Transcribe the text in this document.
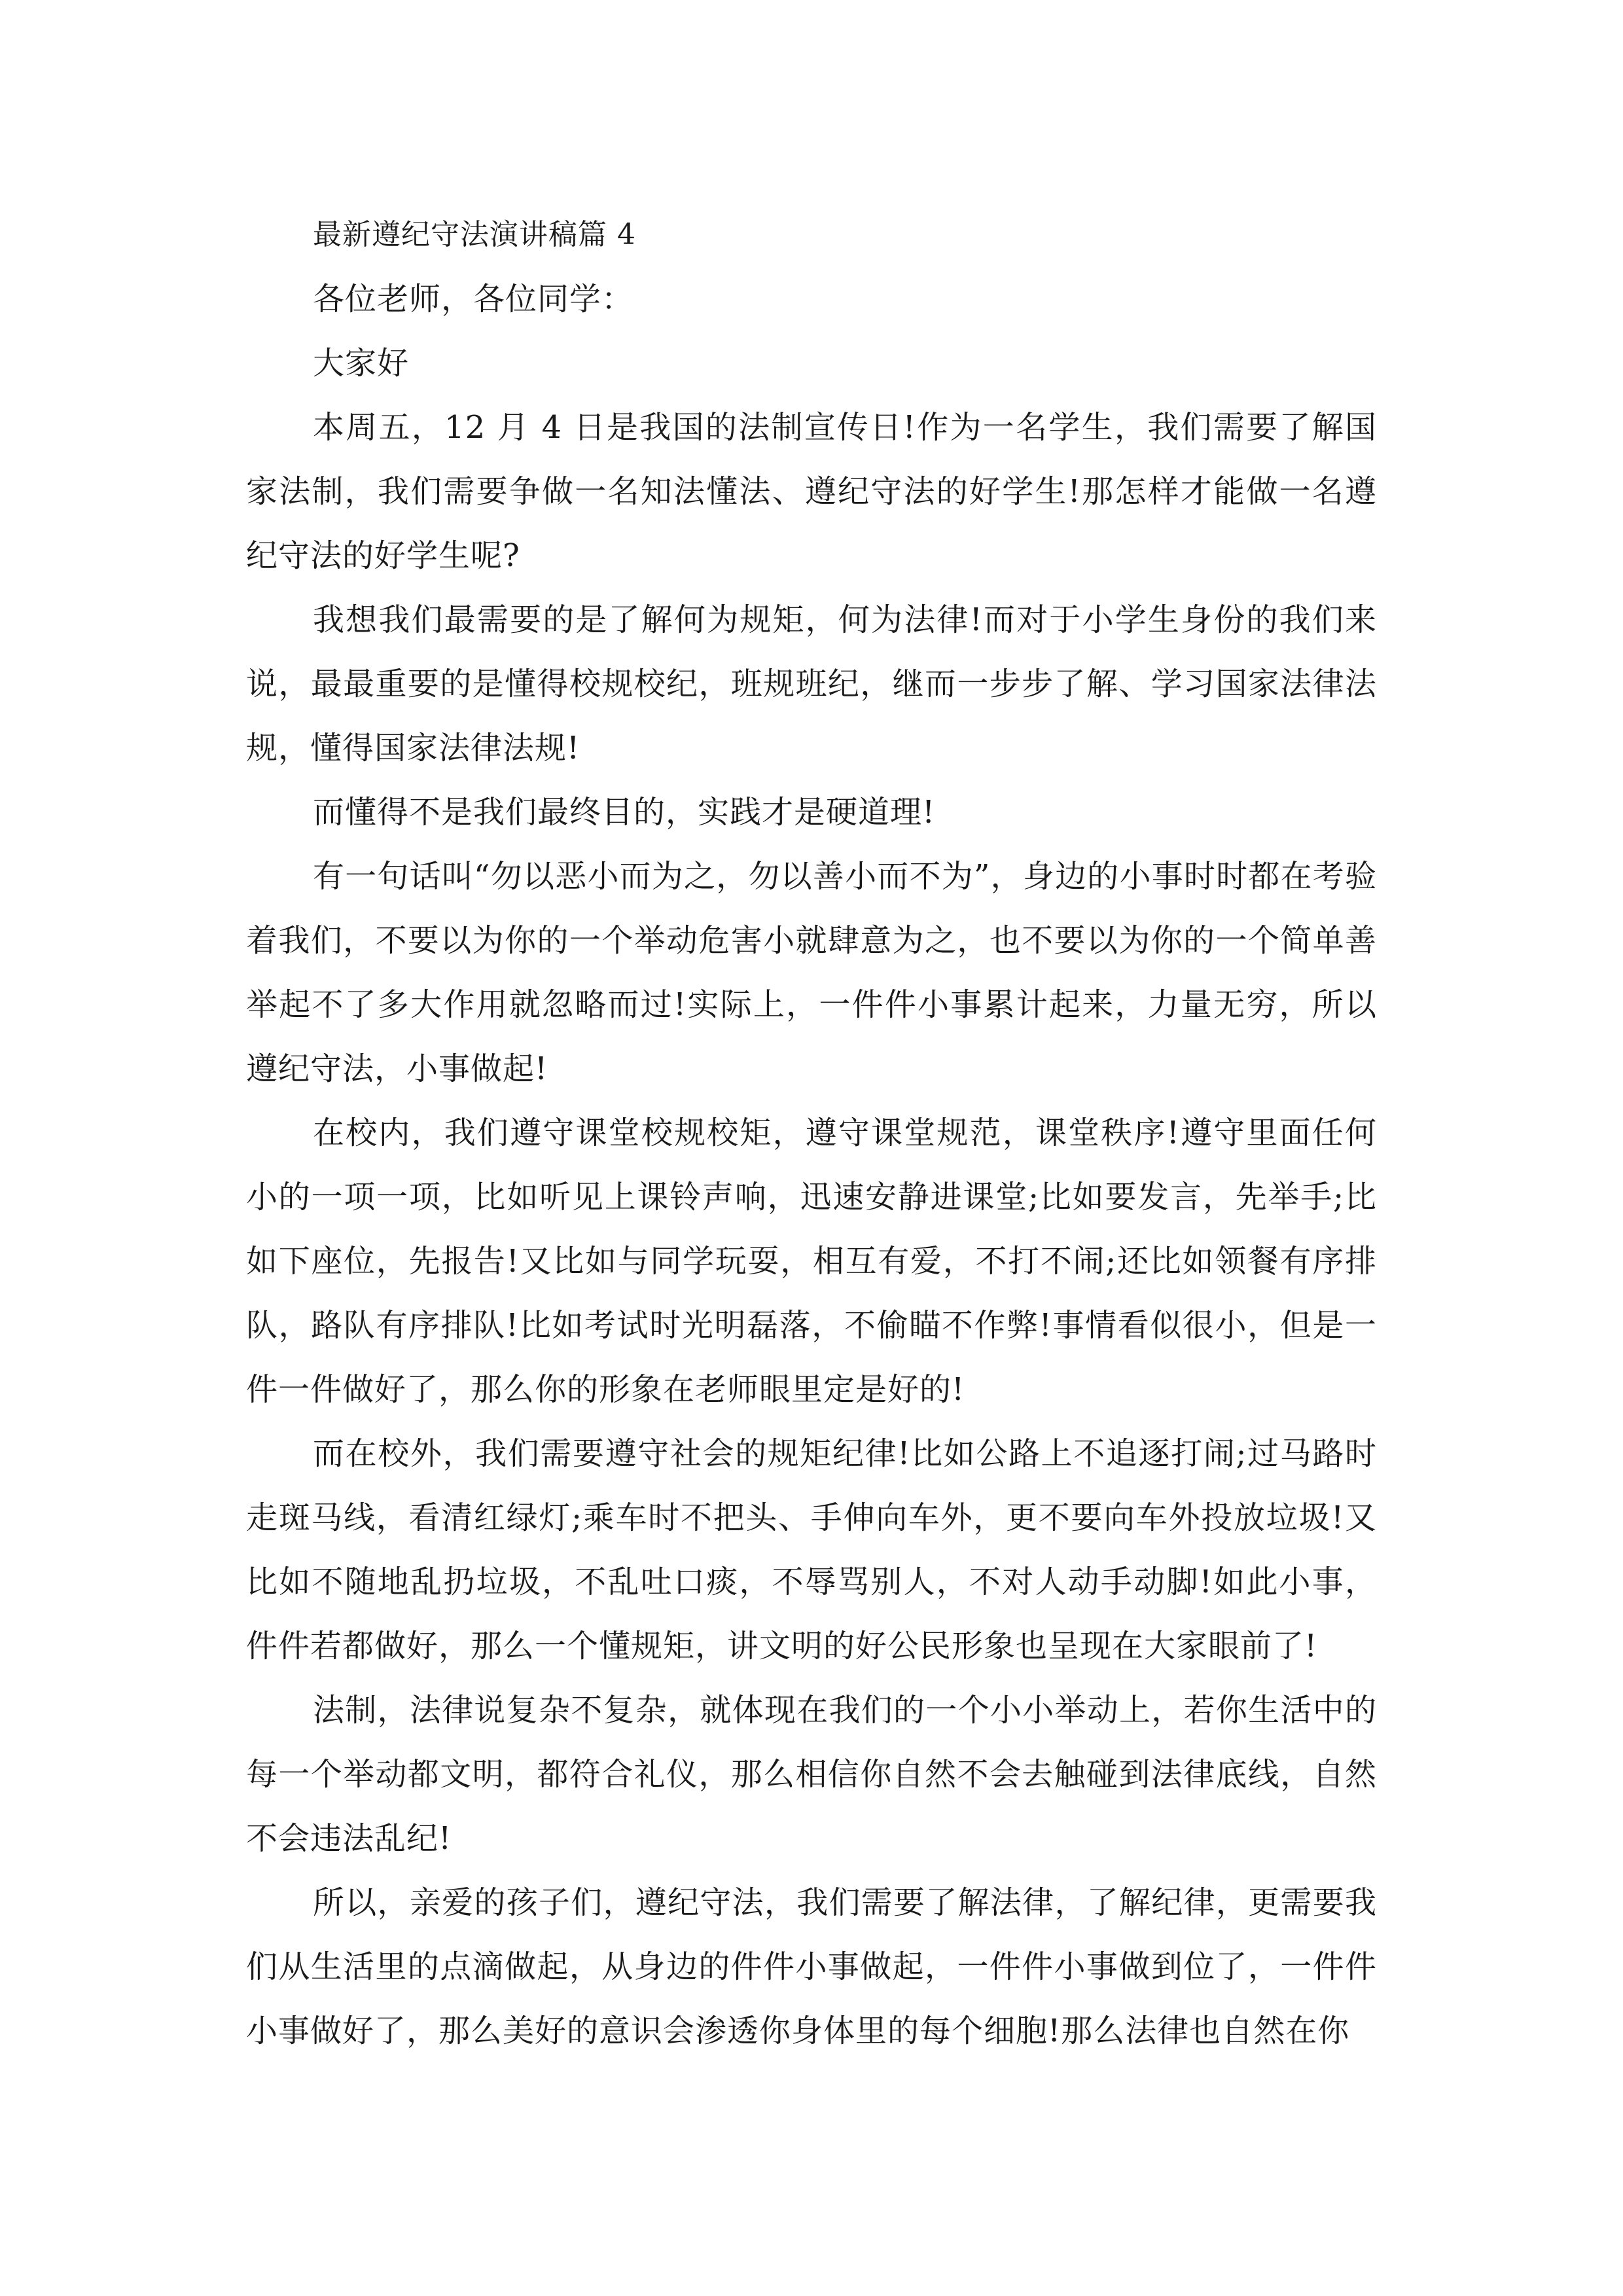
最新遵纪守法演讲稿篇 4

各位老师，各位同学：

大家好

本周五，12 月 4 日是我国的法制宣传日!作为一名学生，我们需要了解国家法制，我们需要争做一名知法懂法、遵纪守法的好学生!那怎样才能做一名遵纪守法的好学生呢?

我想我们最需要的是了解何为规矩，何为法律!而对于小学生身份的我们来说，最最重要的是懂得校规校纪，班规班纪，继而一步步了解、学习国家法律法规，懂得国家法律法规!

而懂得不是我们最终目的，实践才是硬道理!

有一句话叫“勿以恶小而为之，勿以善小而不为”，身边的小事时时都在考验着我们，不要以为你的一个举动危害小就肆意为之，也不要以为你的一个简单善举起不了多大作用就忽略而过!实际上，一件件小事累计起来，力量无穷，所以遵纪守法，小事做起!

在校内，我们遵守课堂校规校矩，遵守课堂规范，课堂秩序!遵守里面任何小的一项一项，比如听见上课铃声响，迅速安静进课堂;比如要发言，先举手;比如下座位，先报告!又比如与同学玩耍，相互有爱，不打不闹;还比如领餐有序排队，路队有序排队!比如考试时光明磊落，不偷瞄不作弊!事情看似很小，但是一件一件做好了，那么你的形象在老师眼里定是好的!

而在校外，我们需要遵守社会的规矩纪律!比如公路上不追逐打闹;过马路时走斑马线，看清红绿灯;乘车时不把头、手伸向车外，更不要向车外投放垃圾!又比如不随地乱扔垃圾，不乱吐口痰，不辱骂别人，不对人动手动脚!如此小事，件件若都做好，那么一个懂规矩，讲文明的好公民形象也呈现在大家眼前了!

法制，法律说复杂不复杂，就体现在我们的一个小小举动上，若你生活中的每一个举动都文明，都符合礼仪，那么相信你自然不会去触碰到法律底线，自然不会违法乱纪!

所以，亲爱的孩子们，遵纪守法，我们需要了解法律，了解纪律，更需要我们从生活里的点滴做起，从身边的件件小事做起，一件件小事做到位了，一件件小事做好了，那么美好的意识会渗透你身体里的每个细胞!那么法律也自然在你
